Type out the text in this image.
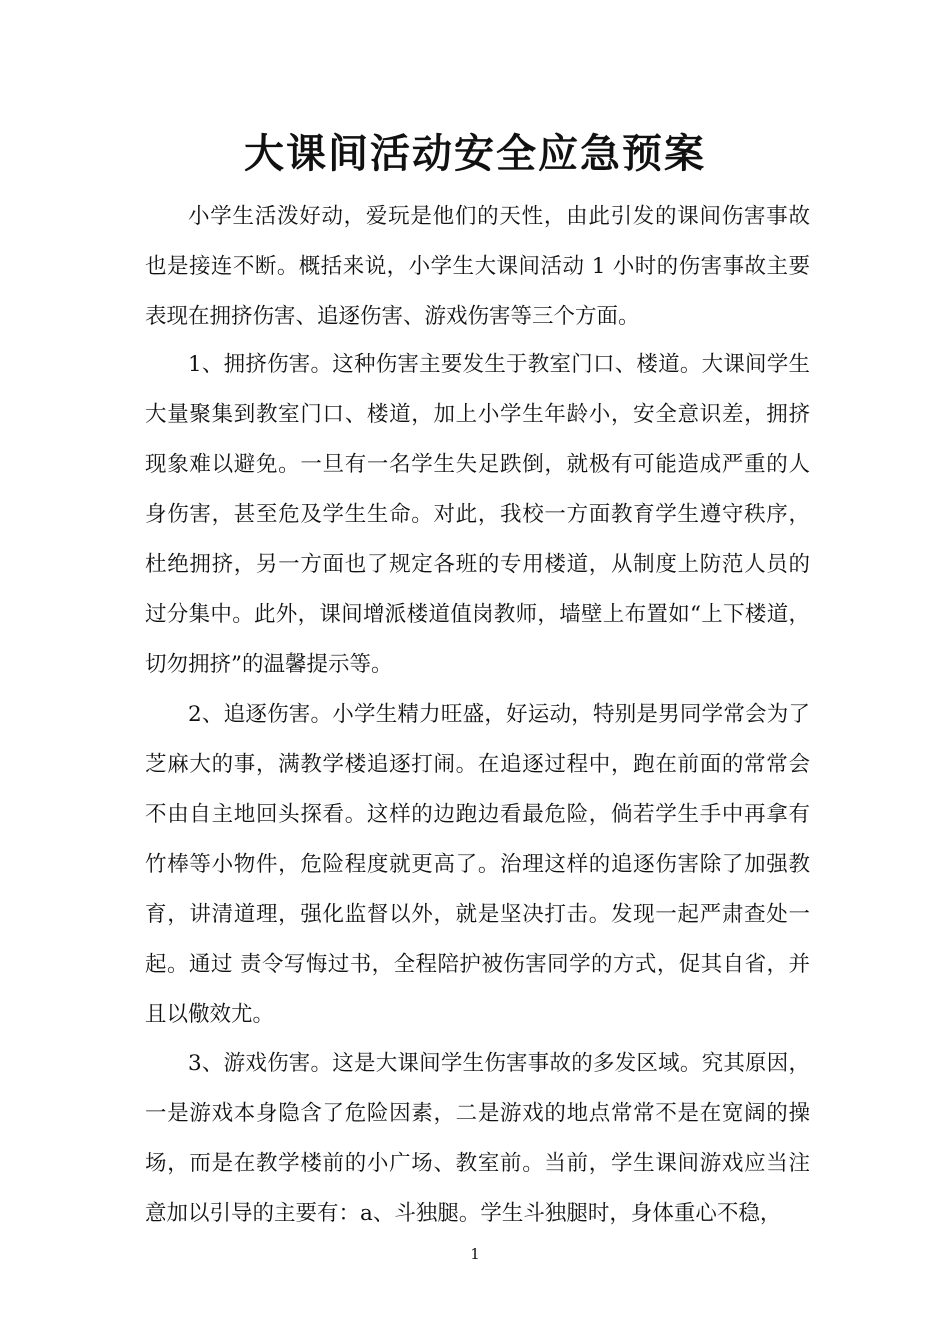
大课间活动安全应急预案

小学生活泼好动，爱玩是他们的天性，由此引发的课间伤害事故也是接连不断。概括来说，小学生大课间活动 1 小时的伤害事故主要表现在拥挤伤害、追逐伤害、游戏伤害等三个方面。

1、拥挤伤害。这种伤害主要发生于教室门口、楼道。大课间学生大量聚集到教室门口、楼道，加上小学生年龄小，安全意识差，拥挤现象难以避免。一旦有一名学生失足跌倒，就极有可能造成严重的人身伤害，甚至危及学生生命。对此，我校一方面教育学生遵守秩序，杜绝拥挤，另一方面也了规定各班的专用楼道，从制度上防范人员的过分集中。此外，课间增派楼道值岗教师，墙壁上布置如“上下楼道，切勿拥挤”的温馨提示等。

2、追逐伤害。小学生精力旺盛，好运动，特别是男同学常会为了芝麻大的事，满教学楼追逐打闹。在追逐过程中，跑在前面的常常会不由自主地回头探看。这样的边跑边看最危险，倘若学生手中再拿有竹棒等小物件，危险程度就更高了。治理这样的追逐伤害除了加强教育，讲清道理，强化监督以外，就是坚决打击。发现一起严肃查处一起。通过 责令写悔过书，全程陪护被伤害同学的方式，促其自省，并且以儆效尤。

3、游戏伤害。这是大课间学生伤害事故的多发区域。究其原因，一是游戏本身隐含了危险因素，二是游戏的地点常常不是在宽阔的操场，而是在教学楼前的小广场、教室前。当前，学生课间游戏应当注意加以引导的主要有：a、斗独腿。学生斗独腿时，身体重心不稳，

1
